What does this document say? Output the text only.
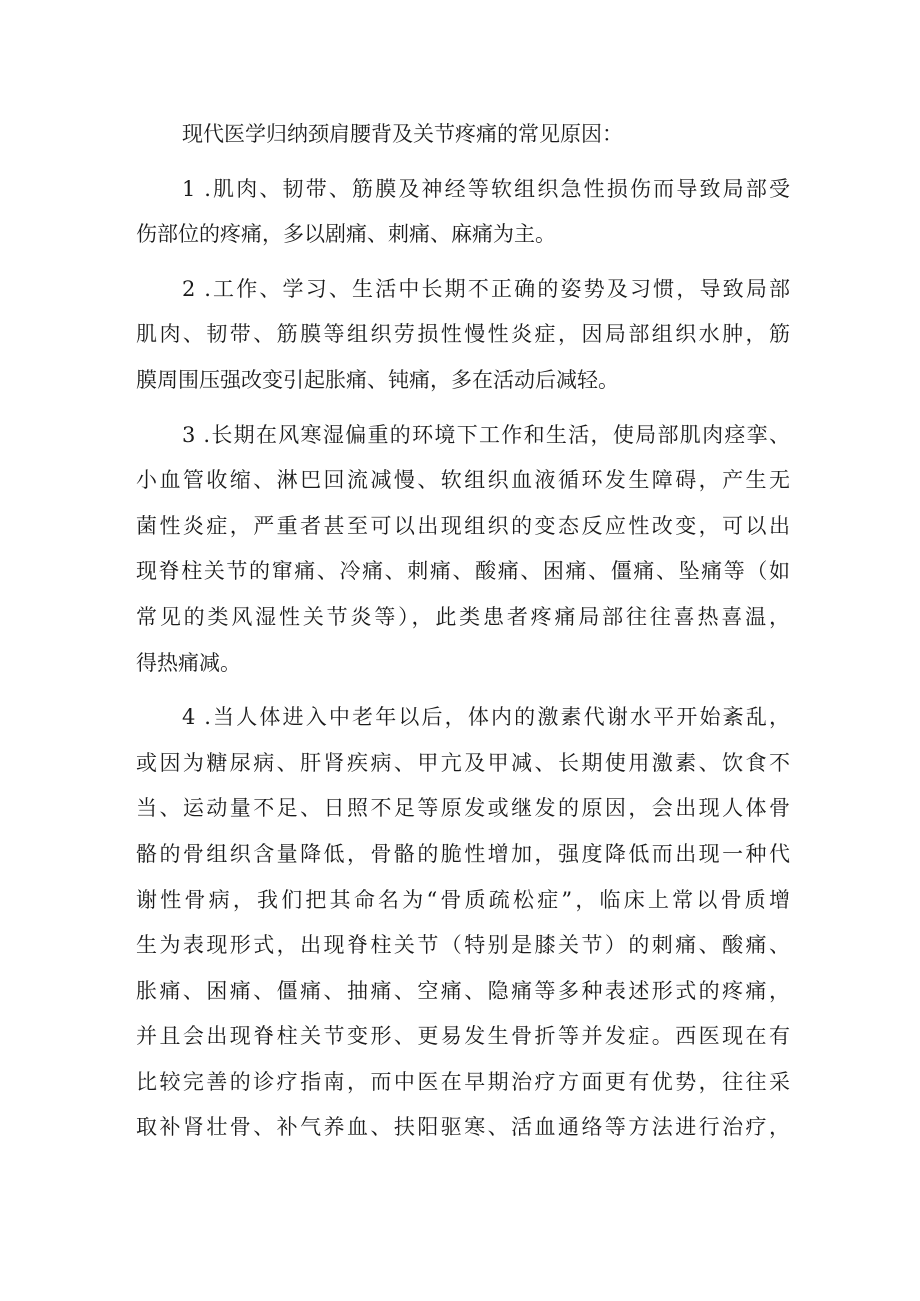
现代医学归纳颈肩腰背及关节疼痛的常见原因：

1 .肌肉、韧带、筋膜及神经等软组织急性损伤而导致局部受
伤部位的疼痛，多以剧痛、刺痛、麻痛为主。

2 .工作、学习、生活中长期不正确的姿势及习惯，导致局部
肌肉、韧带、筋膜等组织劳损性慢性炎症，因局部组织水肿，筋
膜周围压强改变引起胀痛、钝痛，多在活动后减轻。

3 .长期在风寒湿偏重的环境下工作和生活，使局部肌肉痉挛、
小血管收缩、淋巴回流减慢、软组织血液循环发生障碍，产生无
菌性炎症，严重者甚至可以出现组织的变态反应性改变，可以出
现脊柱关节的窜痛、冷痛、刺痛、酸痛、困痛、僵痛、坠痛等（如
常见的类风湿性关节炎等），此类患者疼痛局部往往喜热喜温，
得热痛减。

4 .当人体进入中老年以后，体内的激素代谢水平开始紊乱，
或因为糖尿病、肝肾疾病、甲亢及甲减、长期使用激素、饮食不
当、运动量不足、日照不足等原发或继发的原因，会出现人体骨
骼的骨组织含量降低，骨骼的脆性增加，强度降低而出现一种代
谢性骨病，我们把其命名为“骨质疏松症”，临床上常以骨质增
生为表现形式，出现脊柱关节（特别是膝关节）的刺痛、酸痛、
胀痛、困痛、僵痛、抽痛、空痛、隐痛等多种表述形式的疼痛，
并且会出现脊柱关节变形、更易发生骨折等并发症。西医现在有
比较完善的诊疗指南，而中医在早期治疗方面更有优势，往往采
取补肾壮骨、补气养血、扶阳驱寒、活血通络等方法进行治疗，
